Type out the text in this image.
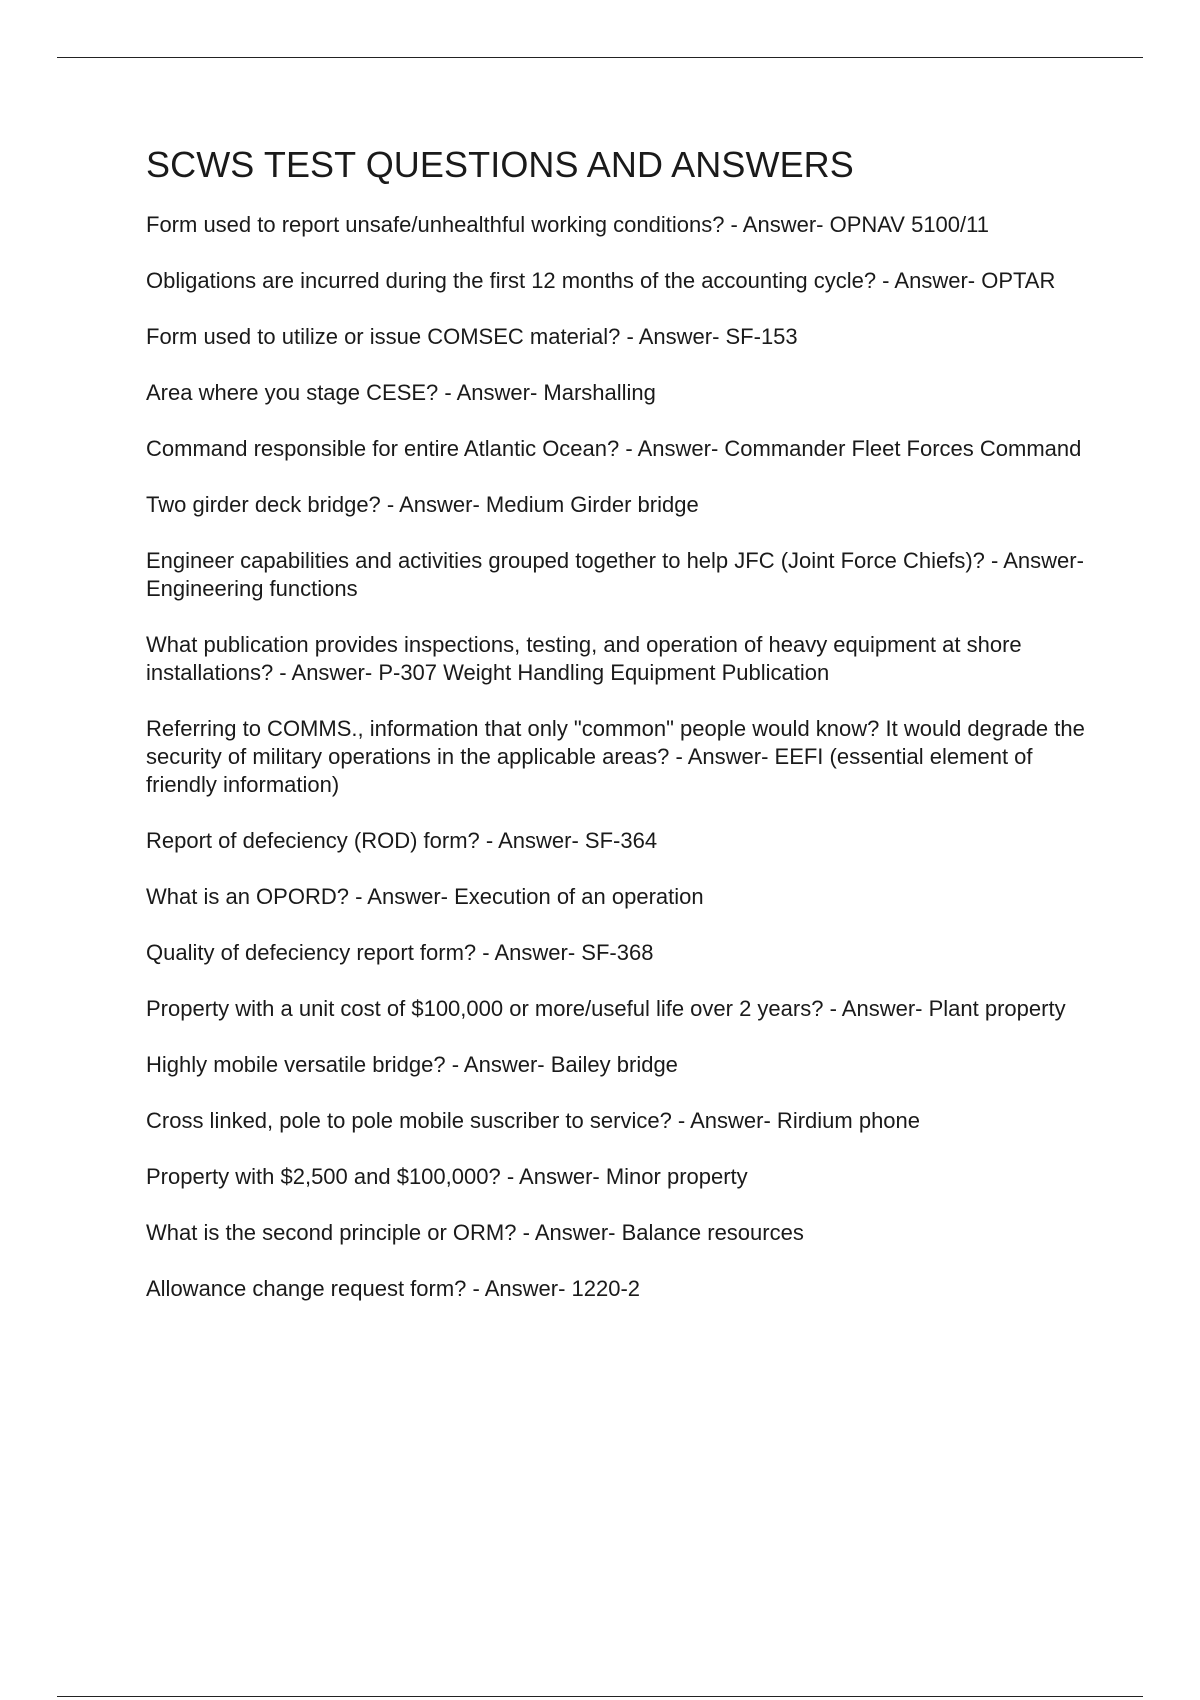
SCWS TEST QUESTIONS AND ANSWERS
Form used to report unsafe/unhealthful working conditions? - Answer- OPNAV 5100/11
Obligations are incurred during the first 12 months of the accounting cycle? - Answer- OPTAR
Form used to utilize or issue COMSEC material? - Answer- SF-153
Area where you stage CESE? - Answer- Marshalling
Command responsible for entire Atlantic Ocean? - Answer- Commander Fleet Forces Command
Two girder deck bridge? - Answer- Medium Girder bridge
Engineer capabilities and activities grouped together to help JFC (Joint Force Chiefs)? - Answer- Engineering functions
What publication provides inspections, testing, and operation of heavy equipment at shore installations? - Answer- P-307 Weight Handling Equipment Publication
Referring to COMMS., information that only "common" people would know? It would degrade the security of military operations in the applicable areas? - Answer- EEFI (essential element of friendly information)
Report of defeciency (ROD) form? - Answer- SF-364
What is an OPORD? - Answer- Execution of an operation
Quality of defeciency report form? - Answer- SF-368
Property with a unit cost of $100,000 or more/useful life over 2 years? - Answer- Plant property
Highly mobile versatile bridge? - Answer- Bailey bridge
Cross linked, pole to pole mobile suscriber to service? - Answer- Rirdium phone
Property with $2,500 and $100,000? - Answer- Minor property
What is the second principle or ORM? - Answer- Balance resources
Allowance change request form? - Answer- 1220-2
